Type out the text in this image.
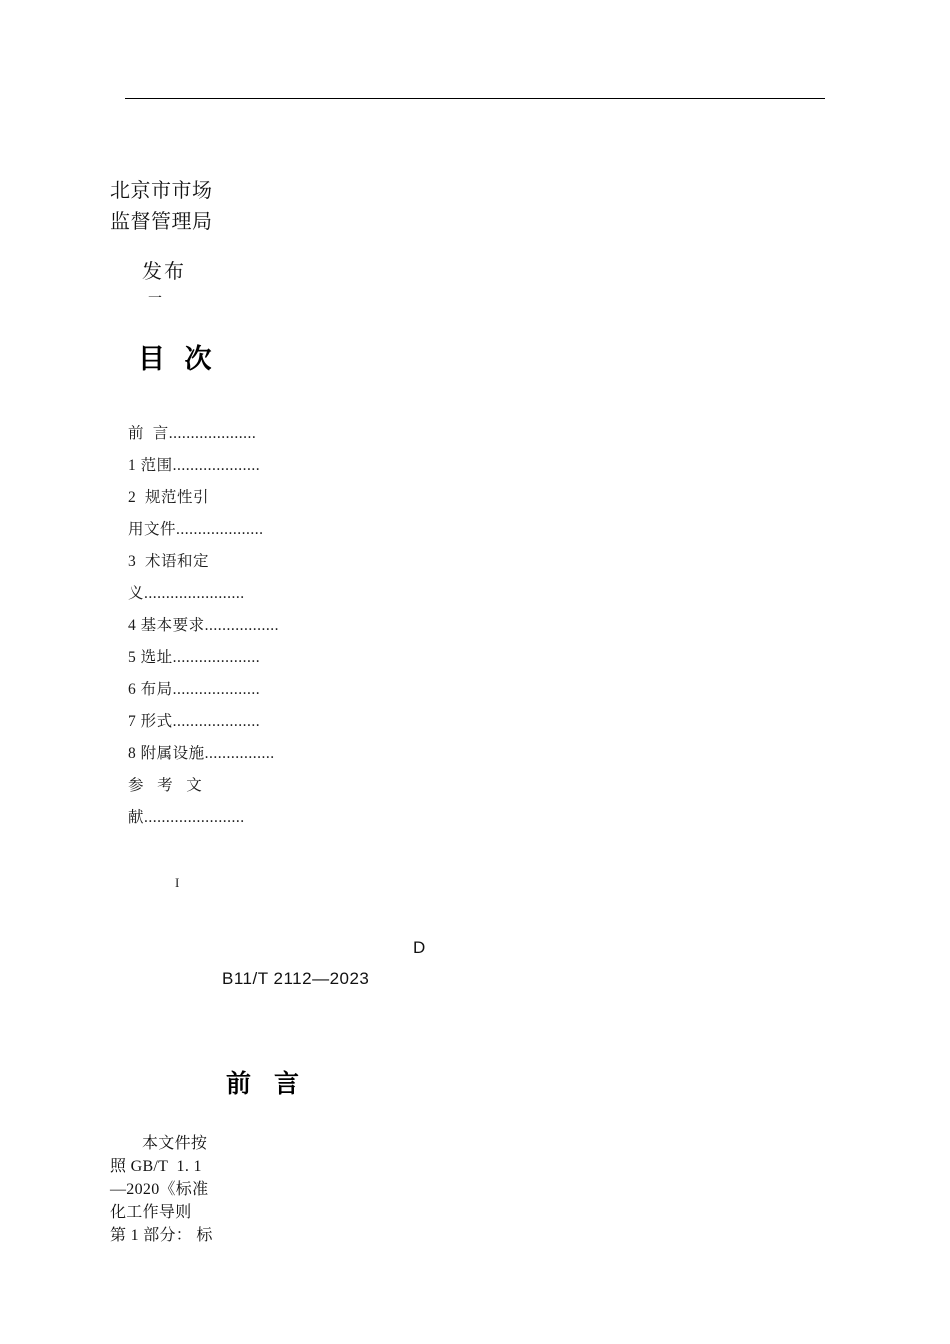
北京市市场
监督管理局
发布
一
目 次
前  言....................
1 范围....................
2  规范性引
用文件....................
3  术语和定
义.......................
4 基本要求.................
5 选址....................
6 布局....................
7 形式....................
8 附属设施................
参   考   文
献.......................
I
D
B11/T 2112—2023
前 言

本文件按

照 GB/T  1. 1

—2020《标准

化工作导则

第 1 部分： 标
